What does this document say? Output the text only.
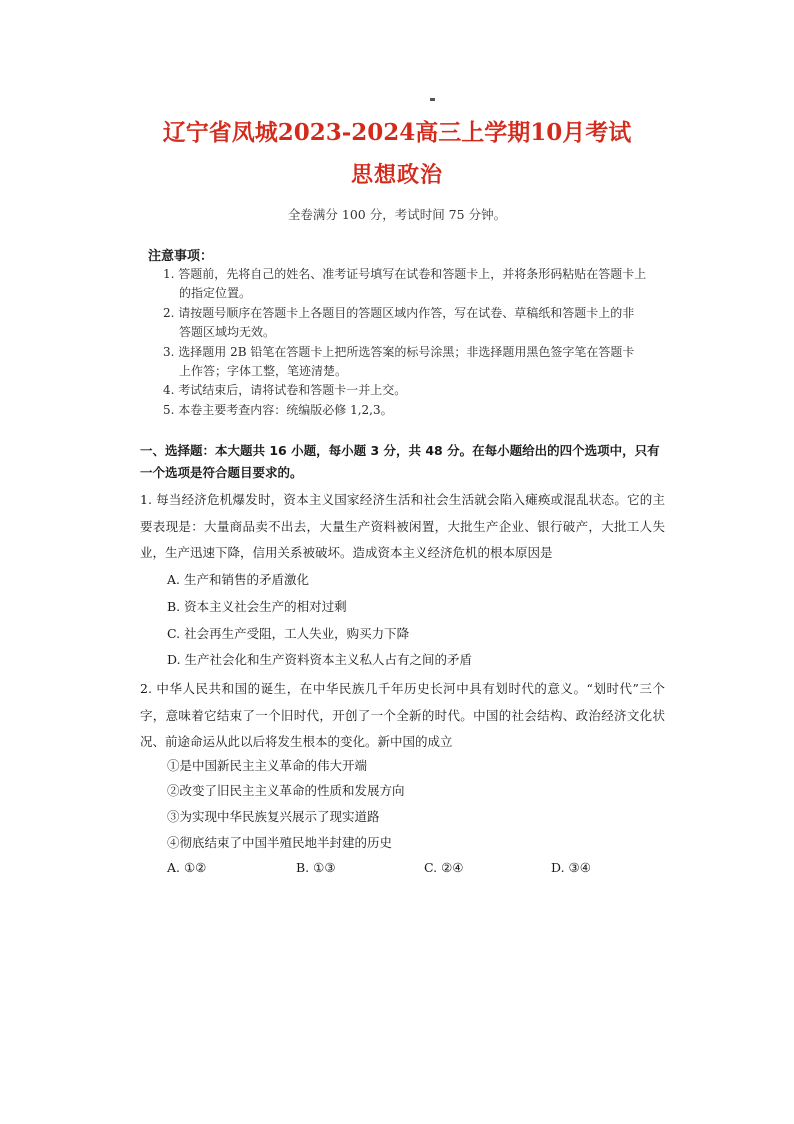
辽宁省凤城2023-2024高三上学期10月考试
思想政治
全卷满分 100 分，考试时间 75 分钟。
注意事项：
1. 答题前，先将自己的姓名、准考证号填写在试卷和答题卡上，并将条形码粘贴在答题卡上
的指定位置。
2. 请按题号顺序在答题卡上各题目的答题区域内作答，写在试卷、草稿纸和答题卡上的非
答题区域均无效。
3. 选择题用 2B 铅笔在答题卡上把所选答案的标号涂黑；非选择题用黑色签字笔在答题卡
上作答；字体工整，笔迹清楚。
4. 考试结束后，请将试卷和答题卡一并上交。
5. 本卷主要考查内容：统编版必修 1,2,3。
一、选择题：本大题共 16 小题，每小题 3 分，共 48 分。在每小题给出的四个选项中，只有一个选项是符合题目要求的。
1. 每当经济危机爆发时，资本主义国家经济生活和社会生活就会陷入瘫痪或混乱状态。它的主要表现是：大量商品卖不出去，大量生产资料被闲置，大批生产企业、银行破产，大批工人失业，生产迅速下降，信用关系被破坏。造成资本主义经济危机的根本原因是
A. 生产和销售的矛盾激化
B. 资本主义社会生产的相对过剩
C. 社会再生产受阻，工人失业，购买力下降
D. 生产社会化和生产资料资本主义私人占有之间的矛盾
2. 中华人民共和国的诞生，在中华民族几千年历史长河中具有划时代的意义。“划时代”三个字，意味着它结束了一个旧时代，开创了一个全新的时代。中国的社会结构、政治经济文化状况、前途命运从此以后将发生根本的变化。新中国的成立
①是中国新民主主义革命的伟大开端
②改变了旧民主主义革命的性质和发展方向
③为实现中华民族复兴展示了现实道路
④彻底结束了中国半殖民地半封建的历史
A. ①②	B. ①③	C. ②④	D. ③④
